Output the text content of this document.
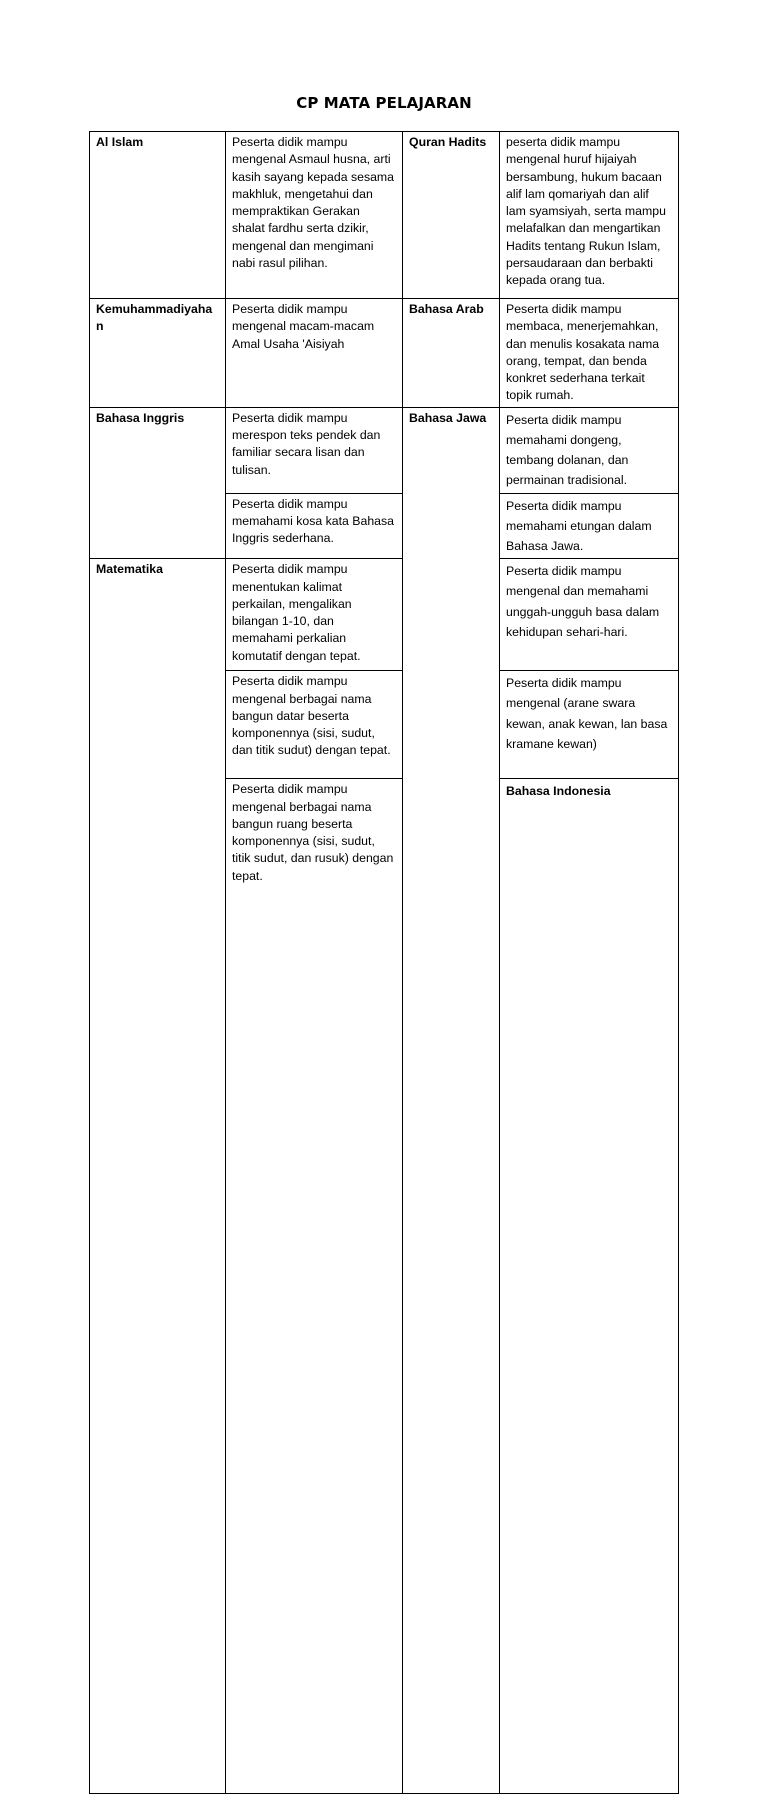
CP MATA PELAJARAN
Al Islam	Peserta didik mampu mengenal Asmaul husna, arti kasih sayang kepada sesama makhluk, mengetahui dan mempraktikan Gerakan shalat fardhu serta dzikir, mengenal dan mengimani nabi rasul pilihan.	Quran Hadits	peserta didik mampu mengenal huruf hijaiyah bersambung, hukum bacaan alif lam qomariyah dan alif lam syamsiyah, serta mampu melafalkan dan mengartikan Hadits tentang Rukun Islam, persaudaraan dan berbakti kepada orang tua.	
Kemuhammadiyahan	Peserta didik mampu mengenal macam-macam Amal Usaha 'Aisiyah	Bahasa Arab	Peserta didik mampu membaca, menerjemahkan, dan menulis kosakata nama orang, tempat, dan benda konkret sederhana terkait topik rumah.	
Bahasa Inggris	Peserta didik mampu merespon teks pendek dan familiar secara lisan dan tulisan.	Bahasa Jawa	Peserta didik mampu memahami dongeng, tembang dolanan, dan permainan tradisional.	
	Peserta didik mampu memahami kosa kata Bahasa Inggris sederhana.		Peserta didik mampu memahami etungan dalam Bahasa Jawa.	
Matematika	Peserta didik mampu menentukan kalimat perkailan, mengalikan bilangan 1-10, dan memahami perkalian komutatif dengan tepat.		Peserta didik mampu mengenal dan memahami unggah-ungguh basa dalam kehidupan sehari-hari.	
	Peserta didik mampu mengenal berbagai nama bangun datar beserta komponennya (sisi, sudut, dan titik sudut) dengan tepat.		Peserta didik mampu mengenal (arane swara kewan, anak kewan, lan basa kramane kewan)	
	Peserta didik mampu mengenal berbagai nama bangun ruang beserta komponennya (sisi, sudut, titik sudut, dan rusuk) dengan tepat.		Bahasa Indonesia	
